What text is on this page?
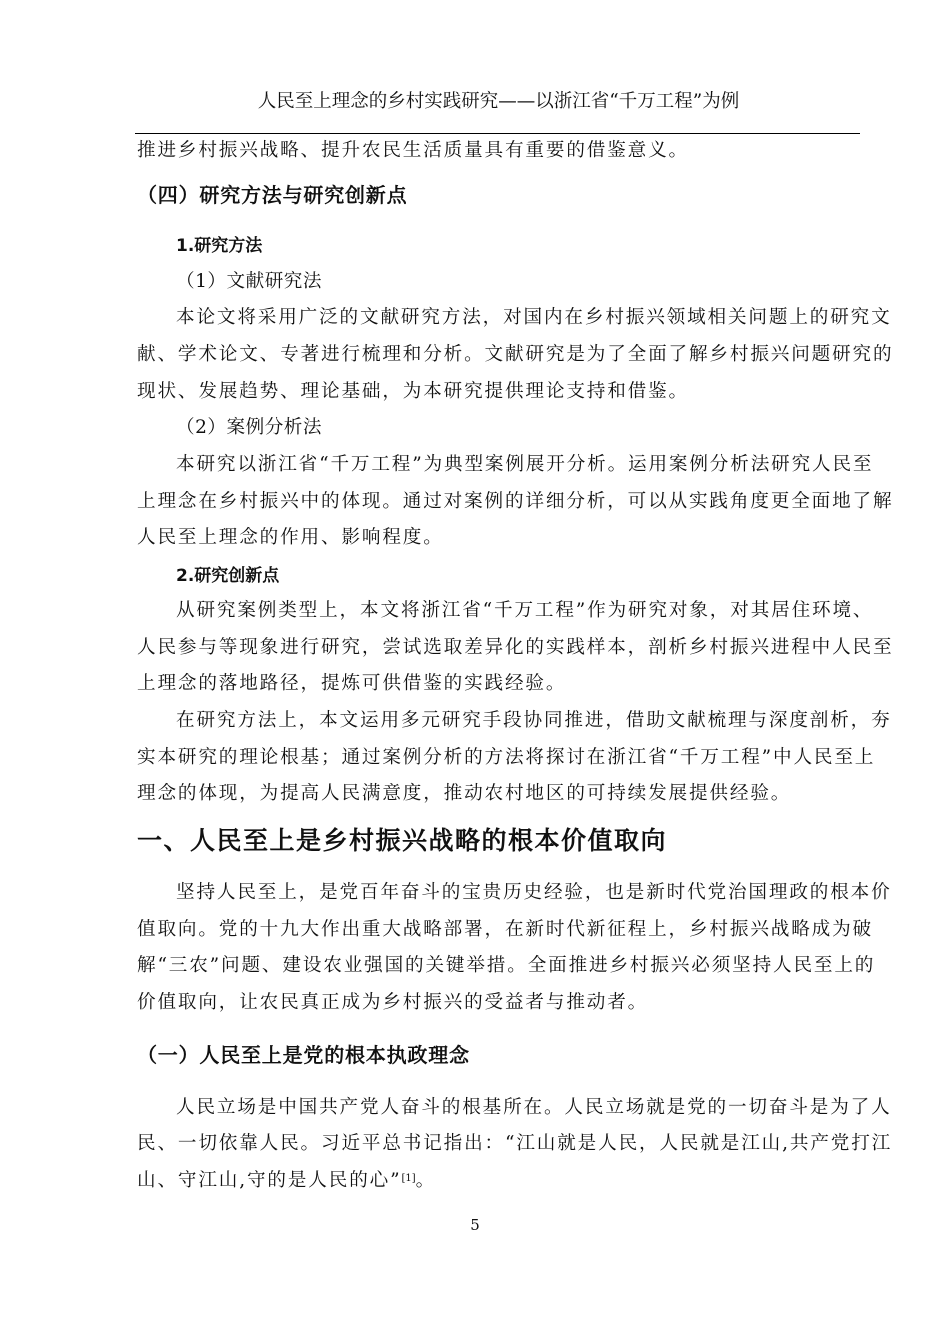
人民至上理念的乡村实践研究——以浙江省“千万工程”为例
推进乡村振兴战略、提升农民生活质量具有重要的借鉴意义。
（四）研究方法与研究创新点
1.研究方法
（1）文献研究法
本论文将采用广泛的文献研究方法，对国内在乡村振兴领域相关问题上的研究文
献、学术论文、专著进行梳理和分析。文献研究是为了全面了解乡村振兴问题研究的
现状、发展趋势、理论基础，为本研究提供理论支持和借鉴。
（2）案例分析法
本研究以浙江省“千万工程”为典型案例展开分析。运用案例分析法研究人民至
上理念在乡村振兴中的体现。通过对案例的详细分析，可以从实践角度更全面地了解
人民至上理念的作用、影响程度。
2.研究创新点
从研究案例类型上，本文将浙江省“千万工程”作为研究对象，对其居住环境、
人民参与等现象进行研究，尝试选取差异化的实践样本，剖析乡村振兴进程中人民至
上理念的落地路径，提炼可供借鉴的实践经验。
在研究方法上，本文运用多元研究手段协同推进，借助文献梳理与深度剖析，夯
实本研究的理论根基；通过案例分析的方法将探讨在浙江省“千万工程”中人民至上
理念的体现，为提高人民满意度，推动农村地区的可持续发展提供经验。
一、人民至上是乡村振兴战略的根本价值取向
坚持人民至上，是党百年奋斗的宝贵历史经验，也是新时代党治国理政的根本价
值取向。党的十九大作出重大战略部署，在新时代新征程上，乡村振兴战略成为破
解“三农”问题、建设农业强国的关键举措。全面推进乡村振兴必须坚持人民至上的
价值取向，让农民真正成为乡村振兴的受益者与推动者。
（一）人民至上是党的根本执政理念
人民立场是中国共产党人奋斗的根基所在。人民立场就是党的一切奋斗是为了人
民、一切依靠人民。习近平总书记指出：“江山就是人民，人民就是江山,共产党打江
山、守江山,守的是人民的心”[1]。
5
